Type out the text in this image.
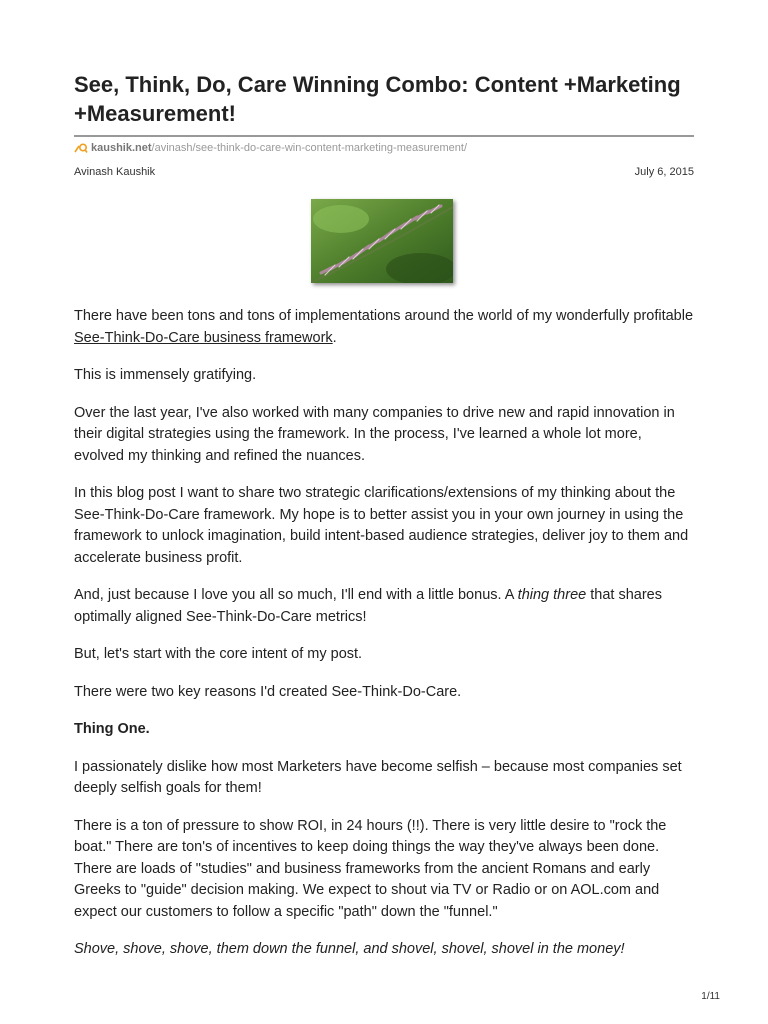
See, Think, Do, Care Winning Combo: Content +Marketing +Measurement!
kaushik.net /avinash/see-think-do-care-win-content-marketing-measurement/
Avinash Kaushik	July 6, 2015

There have been tons and tons of implementations around the world of my wonderfully profitable See-Think-Do-Care business framework.

This is immensely gratifying.

Over the last year, I've also worked with many companies to drive new and rapid innovation in their digital strategies using the framework. In the process, I've learned a whole lot more, evolved my thinking and refined the nuances.

In this blog post I want to share two strategic clarifications/extensions of my thinking about the See-Think-Do-Care framework. My hope is to better assist you in your own journey in using the framework to unlock imagination, build intent-based audience strategies, deliver joy to them and accelerate business profit.

And, just because I love you all so much, I'll end with a little bonus. A thing three that shares optimally aligned See-Think-Do-Care metrics!

But, let's start with the core intent of my post.

There were two key reasons I'd created See-Think-Do-Care.

Thing One.

I passionately dislike how most Marketers have become selfish – because most companies set deeply selfish goals for them!

There is a ton of pressure to show ROI, in 24 hours (!!). There is very little desire to "rock the boat." There are ton's of incentives to keep doing things the way they've always been done. There are loads of "studies" and business frameworks from the ancient Romans and early Greeks to "guide" decision making. We expect to shout via TV or Radio or on AOL.com and expect our customers to follow a specific "path" down the "funnel."

Shove, shove, shove, them down the funnel, and shovel, shovel, shovel in the money!

1/11
